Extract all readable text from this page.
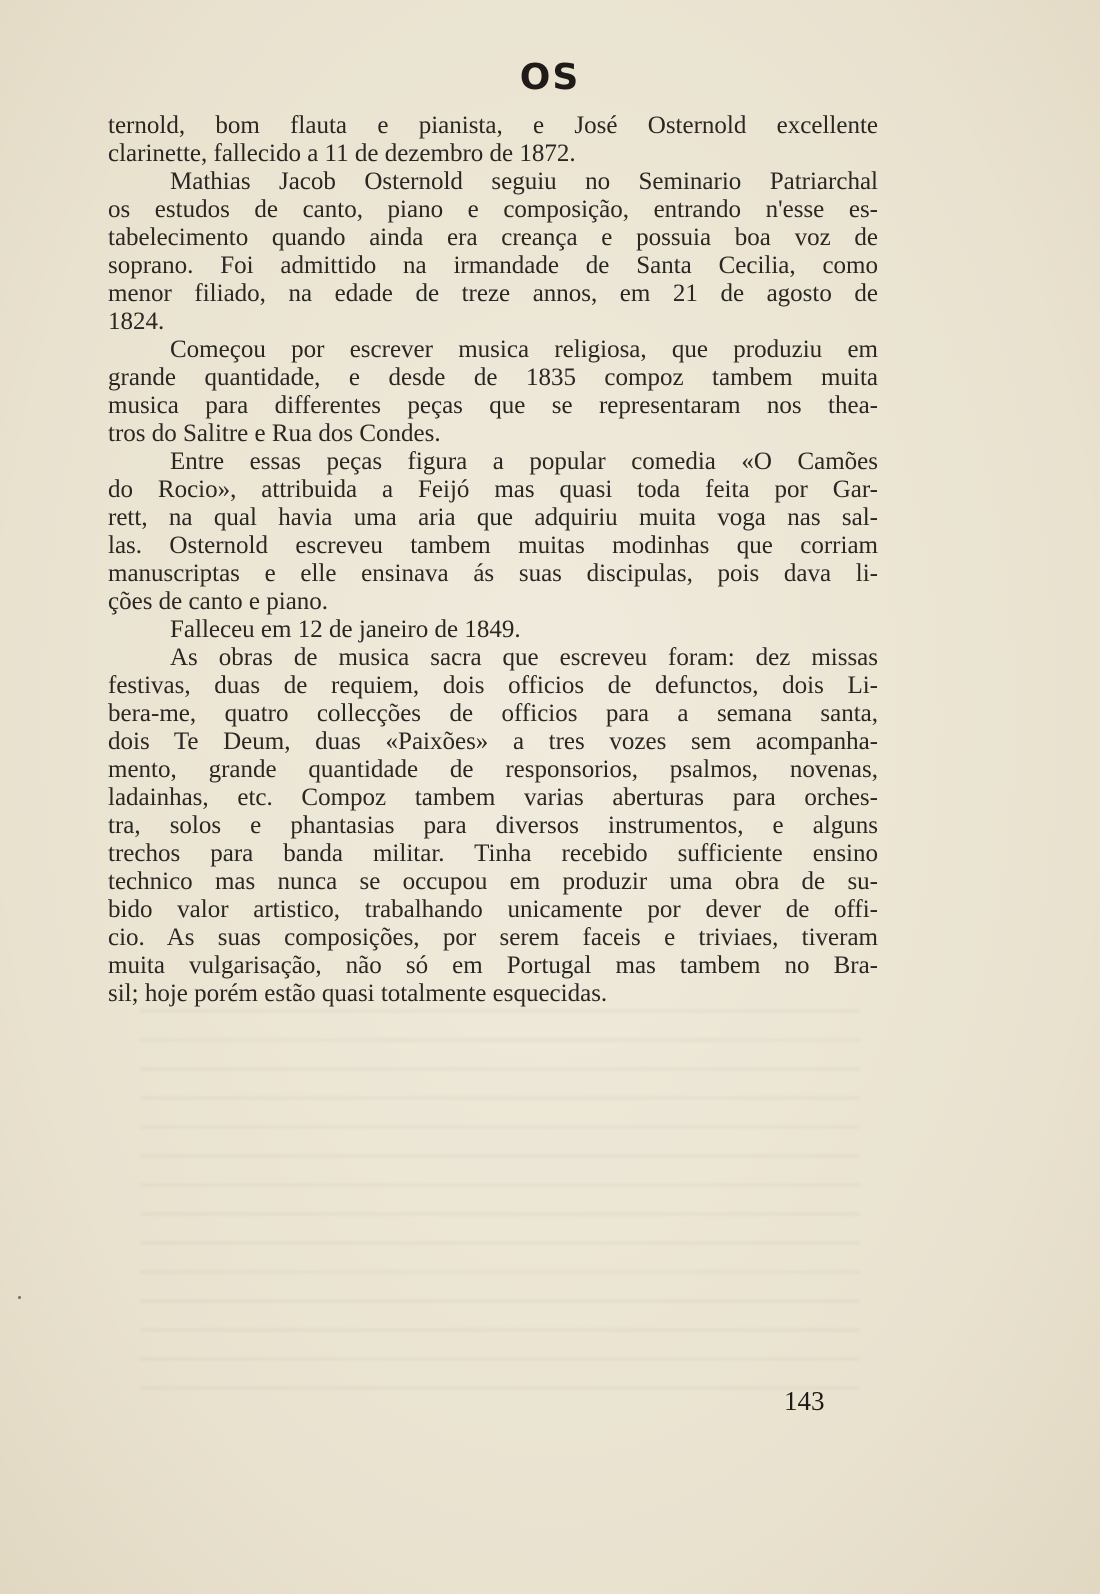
OS
ternold, bom flauta e pianista, e José Osternold excellente
clarinette, fallecido a 11 de dezembro de 1872.
Mathias Jacob Osternold seguiu no Seminario Patriarchal
os estudos de canto, piano e composição, entrando n'esse es-
tabelecimento quando ainda era creança e possuia boa voz de
soprano. Foi admittido na irmandade de Santa Cecilia, como
menor filiado, na edade de treze annos, em 21 de agosto de
1824.
Começou por escrever musica religiosa, que produziu em
grande quantidade, e desde de 1835 compoz tambem muita
musica para differentes peças que se representaram nos thea-
tros do Salitre e Rua dos Condes.
Entre essas peças figura a popular comedia «O Camões
do Rocio», attribuida a Feijó mas quasi toda feita por Gar-
rett, na qual havia uma aria que adquiriu muita voga nas sal-
las. Osternold escreveu tambem muitas modinhas que corriam
manuscriptas e elle ensinava ás suas discipulas, pois dava li-
ções de canto e piano.
Falleceu em 12 de janeiro de 1849.
As obras de musica sacra que escreveu foram: dez missas
festivas, duas de requiem, dois officios de defunctos, dois Li-
bera-me, quatro collecções de officios para a semana santa,
dois Te Deum, duas «Paixões» a tres vozes sem acompanha-
mento, grande quantidade de responsorios, psalmos, novenas,
ladainhas, etc. Compoz tambem varias aberturas para orches-
tra, solos e phantasias para diversos instrumentos, e alguns
trechos para banda militar. Tinha recebido sufficiente ensino
technico mas nunca se occupou em produzir uma obra de su-
bido valor artistico, trabalhando unicamente por dever de offi-
cio. As suas composições, por serem faceis e triviaes, tiveram
muita vulgarisação, não só em Portugal mas tambem no Bra-
sil; hoje porém estão quasi totalmente esquecidas.
143
